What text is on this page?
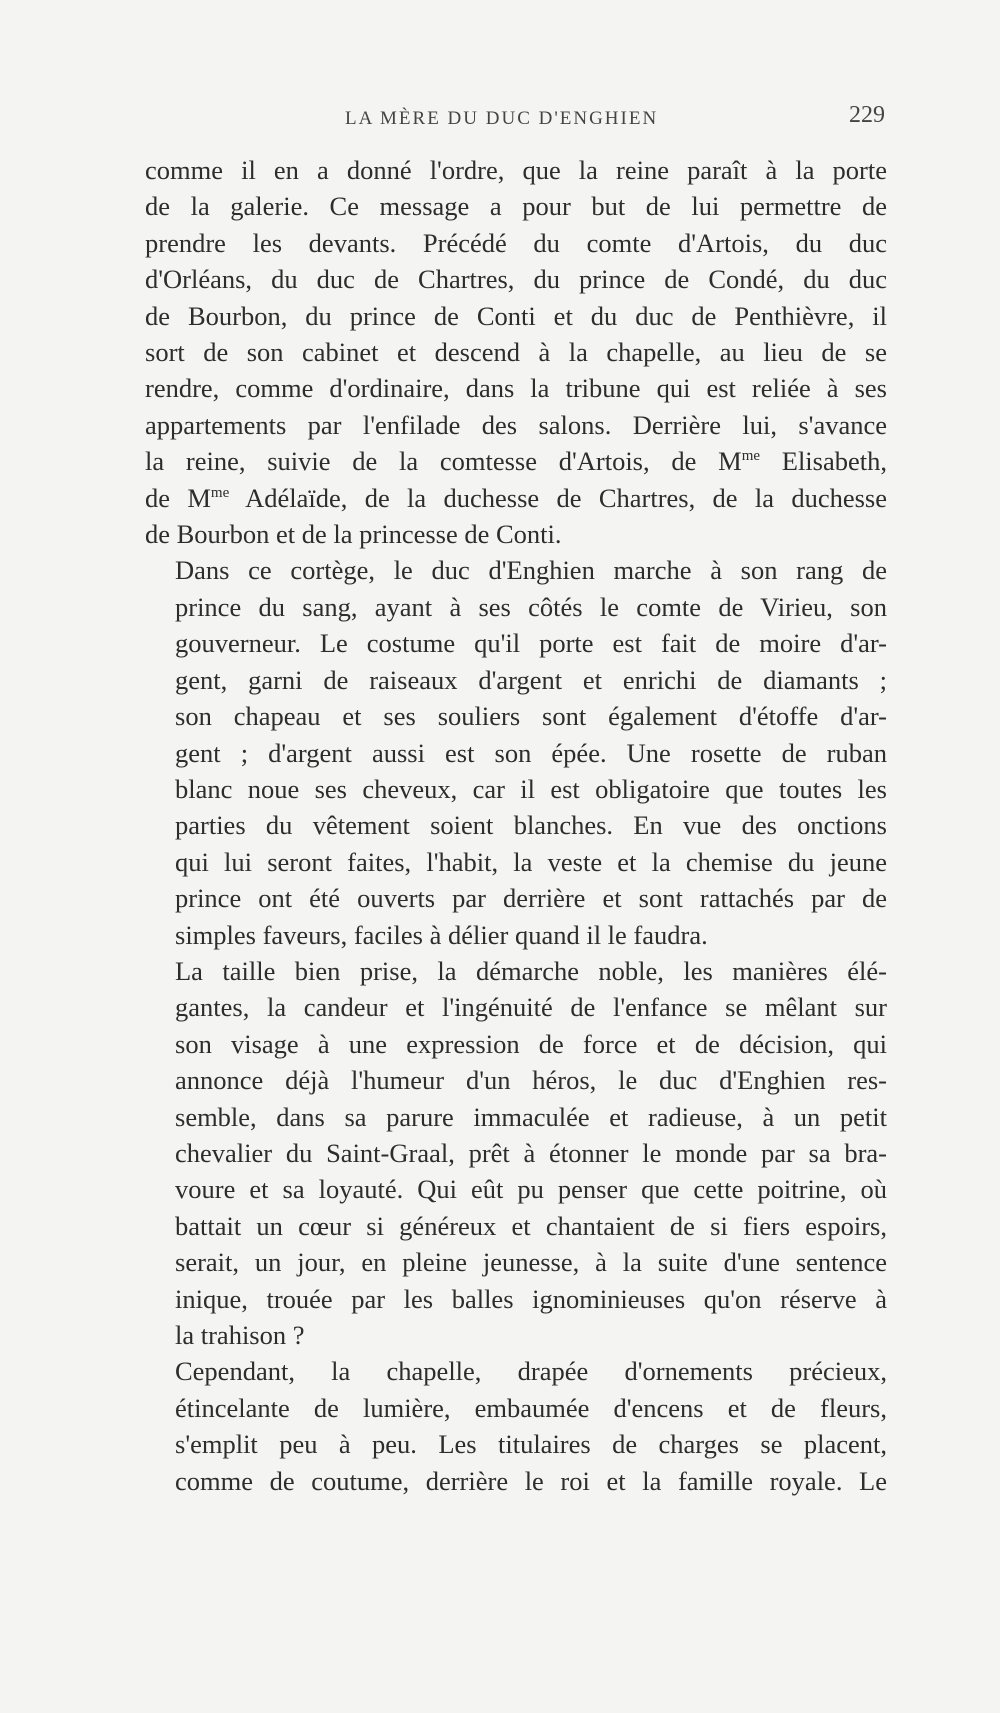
LA MÈRE DU DUC D'ENGHIEN	229

comme il en a donné l'ordre, que la reine paraît à la porte
de la galerie. Ce message a pour but de lui permettre de
prendre les devants. Précédé du comte d'Artois, du duc
d'Orléans, du duc de Chartres, du prince de Condé, du duc
de Bourbon, du prince de Conti et du duc de Penthièvre, il
sort de son cabinet et descend à la chapelle, au lieu de se
rendre, comme d'ordinaire, dans la tribune qui est reliée à ses
appartements par l'enfilade des salons. Derrière lui, s'avance
la reine, suivie de la comtesse d'Artois, de $M^{me}$ Elisabeth,
de $M^{me}$ Adélaïde, de la duchesse de Chartres, de la duchesse
de Bourbon et de la princesse de Conti.

Dans ce cortège, le duc d'Enghien marche à son rang de
prince du sang, ayant à ses côtés le comte de Virieu, son
gouverneur. Le costume qu'il porte est fait de moire d'ar-
gent, garni de raiseaux d'argent et enrichi de diamants ;
son chapeau et ses souliers sont également d'étoffe d'ar-
gent ; d'argent aussi est son épée. Une rosette de ruban
blanc noue ses cheveux, car il est obligatoire que toutes les
parties du vêtement soient blanches. En vue des onctions
qui lui seront faites, l'habit, la veste et la chemise du jeune
prince ont été ouverts par derrière et sont rattachés par de
simples faveurs, faciles à délier quand il le faudra.

La taille bien prise, la démarche noble, les manières élé-
gantes, la candeur et l'ingénuité de l'enfance se mêlant sur
son visage à une expression de force et de décision, qui
annonce déjà l'humeur d'un héros, le duc d'Enghien res-
semble, dans sa parure immaculée et radieuse, à un petit
chevalier du Saint-Graal, prêt à étonner le monde par sa bra-
voure et sa loyauté. Qui eût pu penser que cette poitrine, où
battait un cœur si généreux et chantaient de si fiers espoirs,
serait, un jour, en pleine jeunesse, à la suite d'une sentence
inique, trouée par les balles ignominieuses qu'on réserve à
la trahison ?

Cependant, la chapelle, drapée d'ornements précieux,
étincelante de lumière, embaumée d'encens et de fleurs,
s'emplit peu à peu. Les titulaires de charges se placent,
comme de coutume, derrière le roi et la famille royale. Le
